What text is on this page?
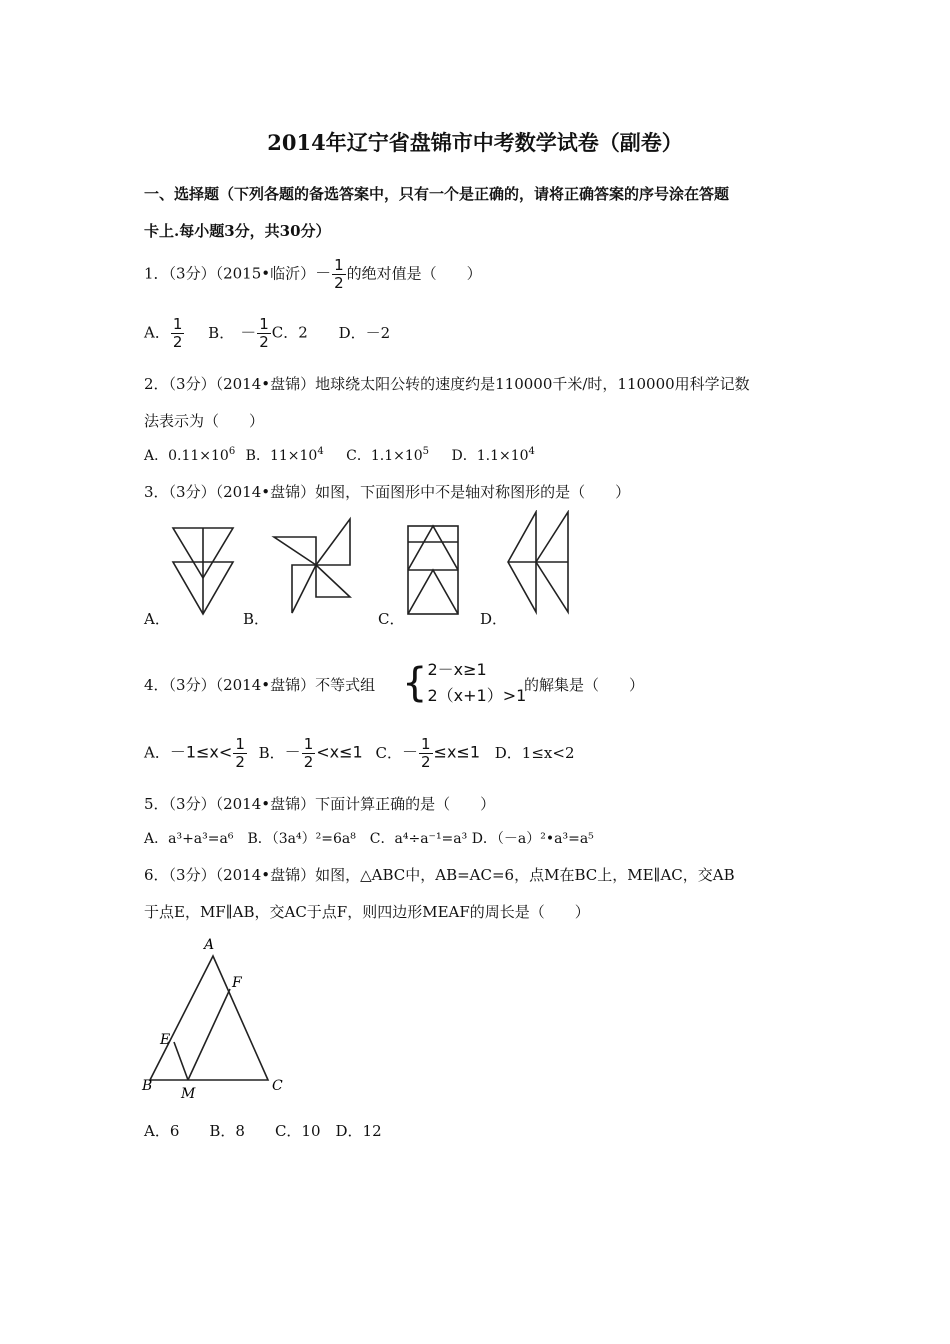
2014年辽宁省盘锦市中考数学试卷（副卷）
一、选择题（下列各题的备选答案中，只有一个是正确的，请将正确答案的序号涂在答题
卡上.每小题3分，共30分）
1．（3分）（2015•临沂）－ $\frac{1}{2}$ 的绝对值是（　　）
A． $\frac{1}{2}$ B． － $\frac{1}{2}$ C．2 D．－2
2．（3分）（2014•盘锦）地球绕太阳公转的速度约是110000千米/时，110000用科学记数
法表示为（　　）
A．$0.11\times 10^6$ B．$11\times 10^4$ C．$1.1\times 10^5$ D．$1.1\times 10^4$
3．（3分）（2014•盘锦）如图，下面图形中不是轴对称图形的是（　　）
A．	B．	C．	D．
4．（3分）（2014•盘锦）不等式组 { 2－x≥1
2（x+1）>1
的解集是（　　）
A．$-1\le x< \frac{1}{2}$ B．－ $\frac{1}{2} <x\le 1$ C．－ $\frac{1}{2} \le x\le 1$ D．1≤x<2
5．（3分）（2014•盘锦）下面计算正确的是（　　）
A．a³+a³=a⁶　B．（3a⁴）²=6a⁸　C．a⁴÷a⁻¹=a³ D．（－a）²•a³=a⁵
6．（3分）（2014•盘锦）如图，△ABC中，AB=AC=6，点M在BC上，ME∥AC，交AB
于点E，MF∥AB，交AC于点F，则四边形MEAF的周长是（　　）
A
F
E
B M	C
A．6　　B．8　　C．10　D．12
